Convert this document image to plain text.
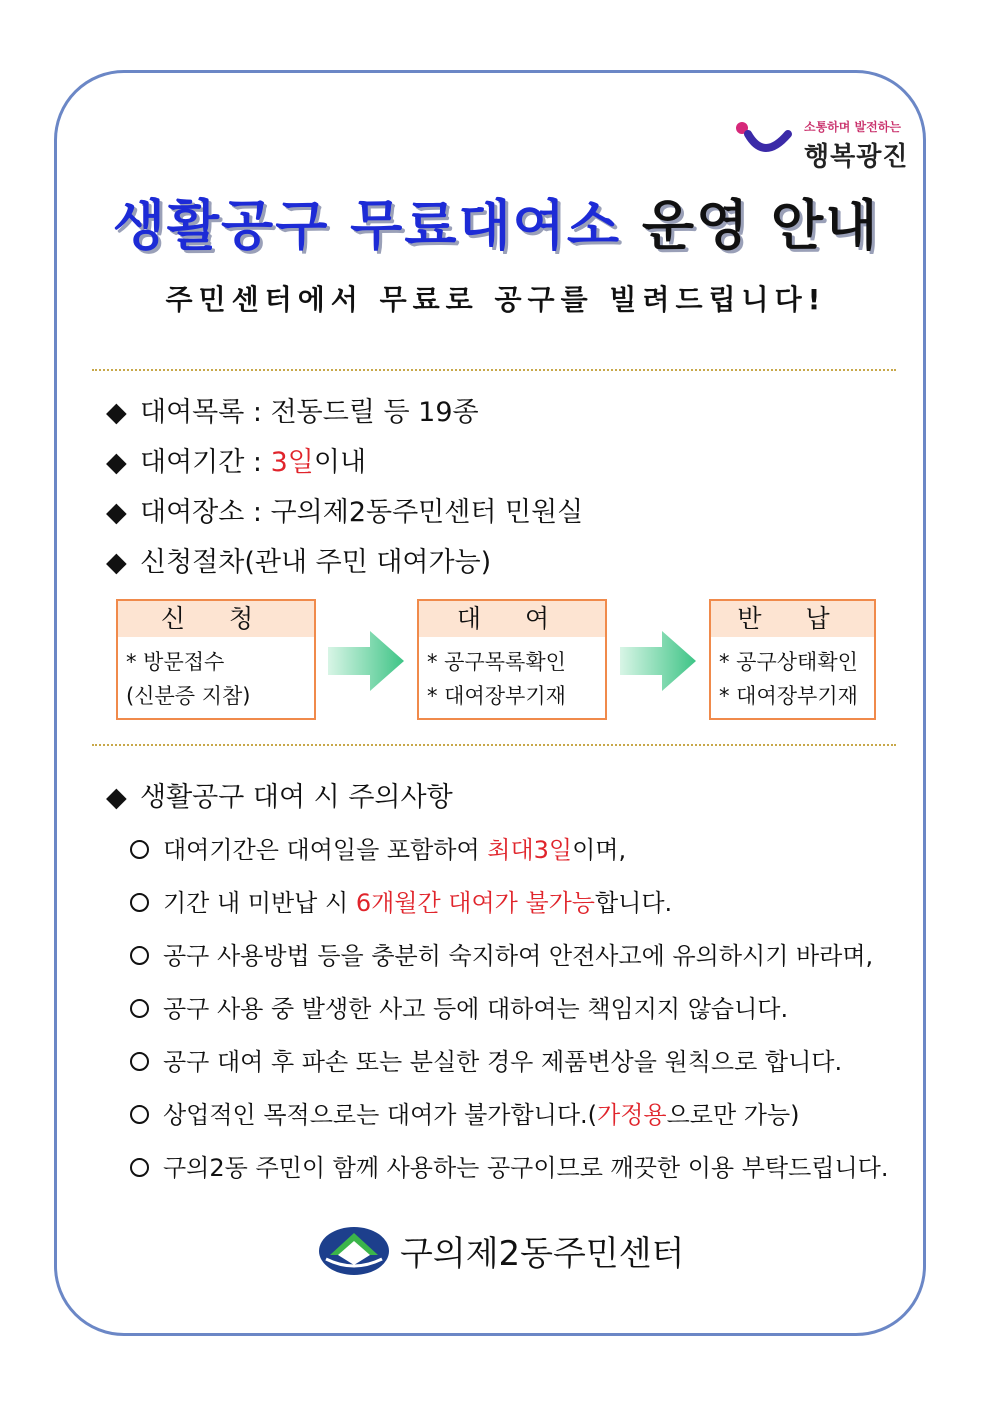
소통하며 발전하는
행복광진
생활공구 무료대여소 운영 안내
주민센터에서 무료로 공구를 빌려드립니다!
◆ 대여목록 : 전동드릴 등 19종
◆ 대여기간 : 3일이내
◆ 대여장소 : 구의제2동주민센터 민원실
◆ 신청절차(관내 주민 대여가능)
신 청
* 방문접수
(신분증 지참)
대 여
* 공구목록확인
* 대여장부기재
반 납
* 공구상태확인
* 대여장부기재
◆ 생활공구 대여 시 주의사항
대여기간은 대여일을 포함하여 최대3일이며,
기간 내 미반납 시 6개월간 대여가 불가능합니다.
공구 사용방법 등을 충분히 숙지하여 안전사고에 유의하시기 바라며,
공구 사용 중 발생한 사고 등에 대하여는 책임지지 않습니다.
공구 대여 후 파손 또는 분실한 경우 제품변상을 원칙으로 합니다.
상업적인 목적으로는 대여가 불가합니다.(가정용으로만 가능)
구의2동 주민이 함께 사용하는 공구이므로 깨끗한 이용 부탁드립니다.
구의제2동주민센터
